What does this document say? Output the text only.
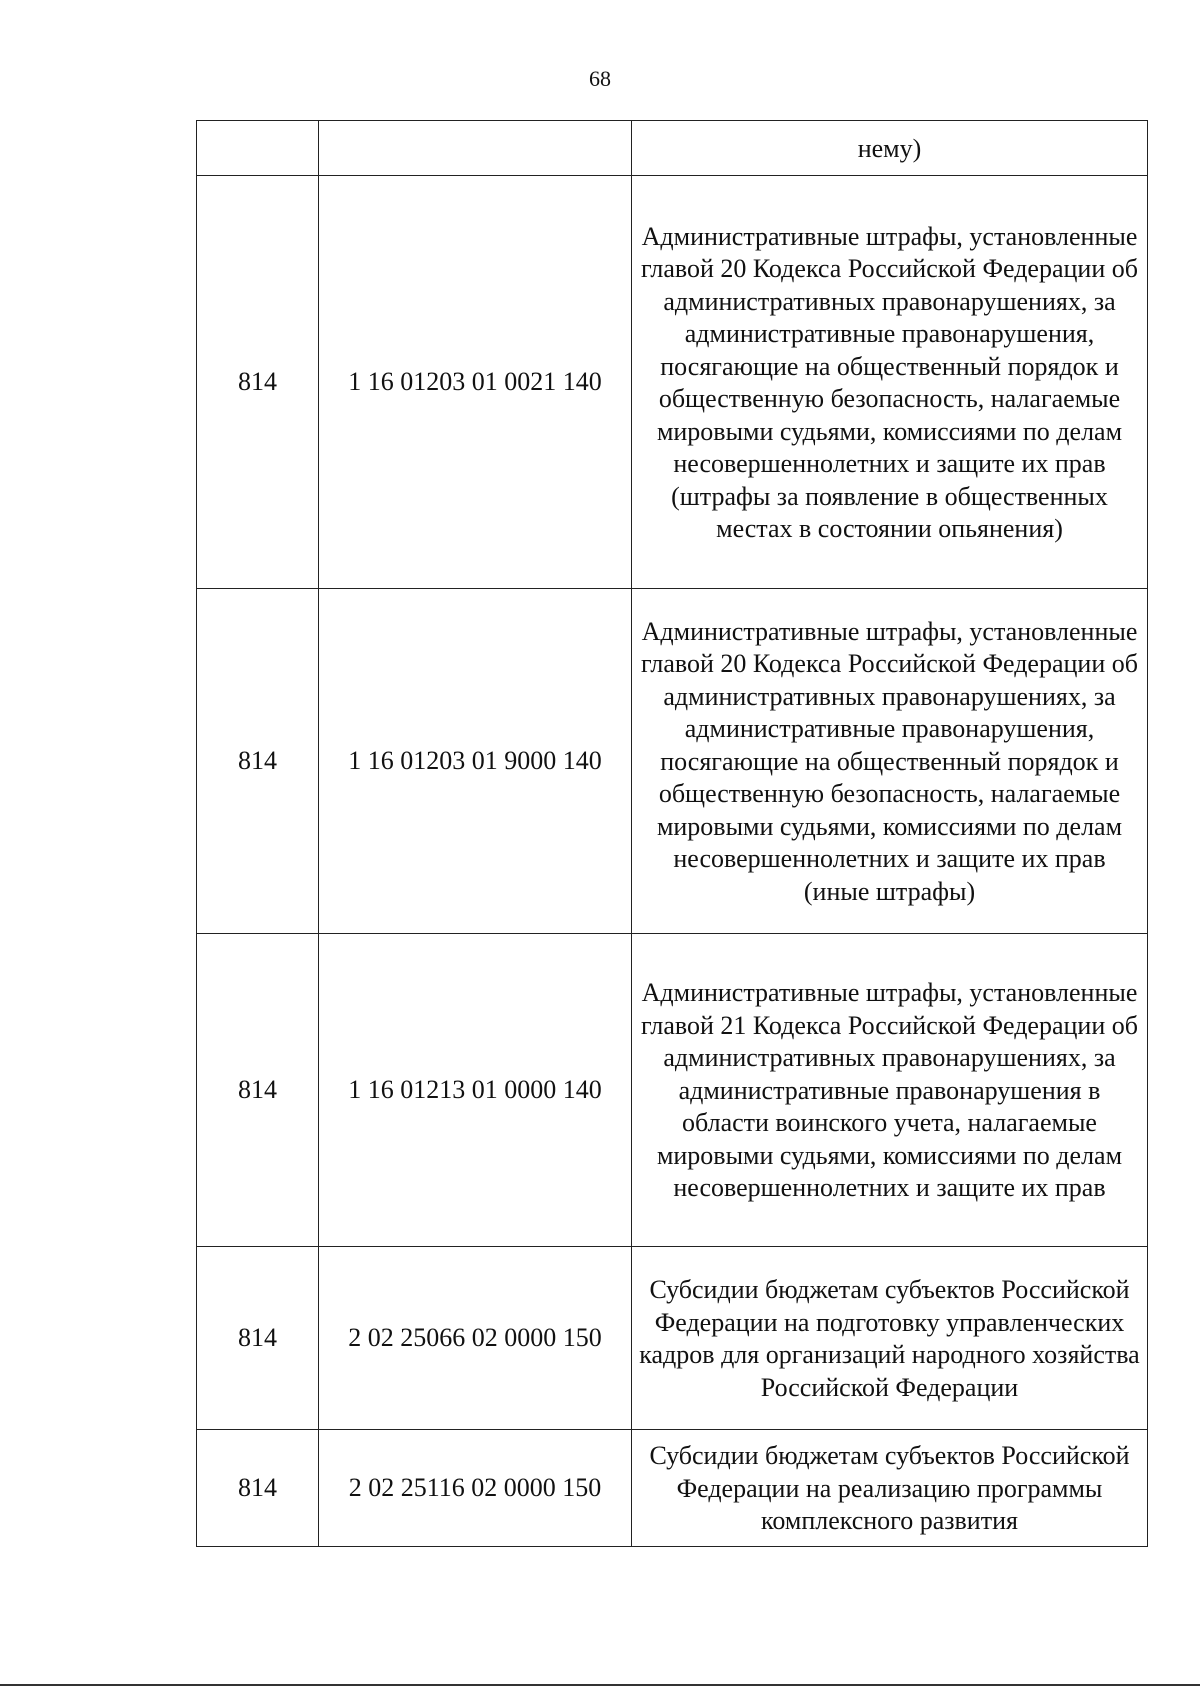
68
		нему)
814	1 16 01203 01 0021 140	Административные штрафы, установленные главой 20 Кодекса Российской Федерации об административных правонарушениях, за административные правонарушения, посягающие на общественный порядок и общественную безопасность, налагаемые мировыми судьями, комиссиями по делам несовершеннолетних и защите их прав (штрафы за появление в общественных местах в состоянии опьянения)
814	1 16 01203 01 9000 140	Административные штрафы, установленные главой 20 Кодекса Российской Федерации об административных правонарушениях, за административные правонарушения, посягающие на общественный порядок и общественную безопасность, налагаемые мировыми судьями, комиссиями по делам несовершеннолетних и защите их прав (иные штрафы)
814	1 16 01213 01 0000 140	Административные штрафы, установленные главой 21 Кодекса Российской Федерации об административных правонарушениях, за административные правонарушения в области воинского учета, налагаемые мировыми судьями, комиссиями по делам несовершеннолетних и защите их прав
814	2 02 25066 02 0000 150	Субсидии бюджетам субъектов Российской Федерации на подготовку управленческих кадров для организаций народного хозяйства Российской Федерации
814	2 02 25116 02 0000 150	Субсидии бюджетам субъектов Российской Федерации на реализацию программы комплексного развития
